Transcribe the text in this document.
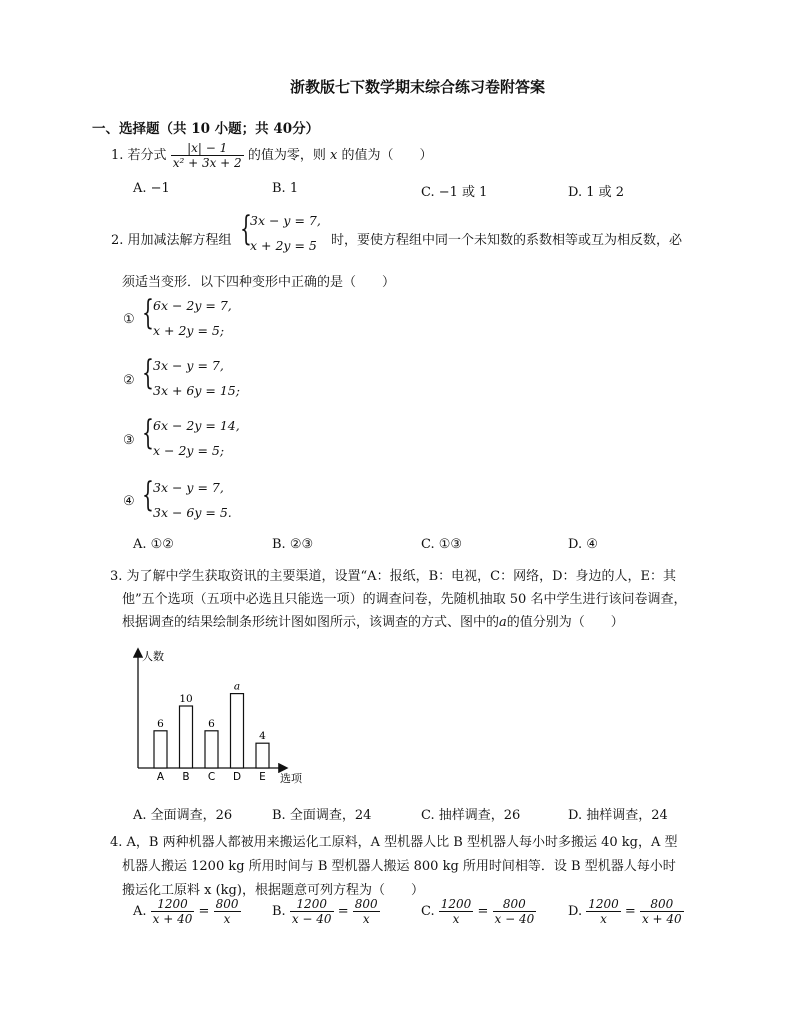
浙教版七下数学期末综合练习卷附答案
一、选择题（共 10 小题；共 40分）
1. 若分式 $\frac{|x| - 1}{\text{x² + 3x + 2}}$ 的值为零，则 x 的值为（　　）
A. −1	B. 1	C. −1 或 1	D. 1 或 2
2. 用加减法解方程组 {
3x − y = 7,
x + 2y = 5 时，要使方程组中同一个未知数的系数相等或互为相反数，必
须适当变形．以下四种变形中正确的是（　　）
① { 6x − 2y = 7,
x + 2y = 5;
② { 3x − y = 7,
3x + 6y = 15;
③ { 6x − 2y = 14,
x − 2y = 5;
④ { 3x − y = 7,
3x − 6y = 5.
A. ①②	B. ②③	C. ①③	D. ④
3. 为了解中学生获取资讯的主要渠道，设置“A：报纸，B：电视，C：网络，D：身边的人，E：其
他”五个选项（五项中必选且只能选一项）的调查问卷，先随机抽取 50 名中学生进行该问卷调查，
根据调查的结果绘制条形统计图如图所示，该调查的方式、图中的a的值分别为（　　）
人数
选项
6
A
10
B
6
C
a
D
4
E
A. 全面调查，26	B. 全面调查，24	C. 抽样调查，26	D. 抽样调查，24
4. A，B 两种机器人都被用来搬运化工原料，A 型机器人比 B 型机器人每小时多搬运 40 kg，A 型
机器人搬运 1200 kg 所用时间与 B 型机器人搬运 800 kg 所用时间相等．设 B 型机器人每小时
搬运化工原料 x (kg)，根据题意可列方程为（　　）
A. $\frac{1200}{x + 40} = \frac{800}{x} B$. $\frac{1200}{x - 40} = \frac{800}{x}$	C. $\frac{1200}{x} = \frac{800}{x - 40} D$. $\frac{1200}{x} = \frac{800}{x + 40}$
